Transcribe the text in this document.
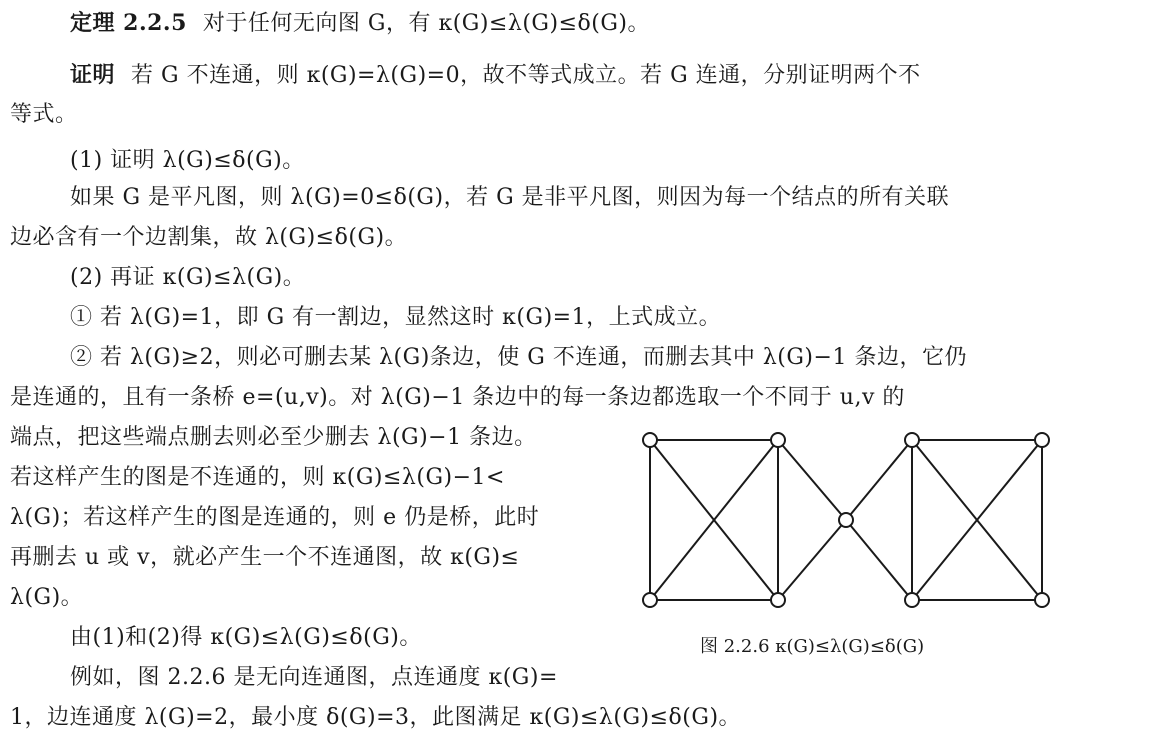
定理 2.2.5 对于任何无向图 G，有 κ(G)≤λ(G)≤δ(G)。
证明 若 G 不连通，则 κ(G)=λ(G)=0，故不等式成立。若 G 连通，分别证明两个不
等式。
(1) 证明 λ(G)≤δ(G)。
如果 G 是平凡图，则 λ(G)=0≤δ(G)，若 G 是非平凡图，则因为每一个结点的所有关联
边必含有一个边割集，故 λ(G)≤δ(G)。
(2) 再证 κ(G)≤λ(G)。
① 若 λ(G)=1，即 G 有一割边，显然这时 κ(G)=1，上式成立。
② 若 λ(G)≥2，则必可删去某 λ(G)条边，使 G 不连通，而删去其中 λ(G)−1 条边，它仍
是连通的，且有一条桥 e=(u,v)。对 λ(G)−1 条边中的每一条边都选取一个不同于 u,v 的
端点，把这些端点删去则必至少删去 λ(G)−1 条边。
若这样产生的图是不连通的，则 κ(G)≤λ(G)−1<
λ(G)；若这样产生的图是连通的，则 e 仍是桥，此时
再删去 u 或 v，就必产生一个不连通图，故 κ(G)≤
λ(G)。
由(1)和(2)得 κ(G)≤λ(G)≤δ(G)。
例如，图 2.2.6 是无向连通图，点连通度 κ(G)=
1，边连通度 λ(G)=2，最小度 δ(G)=3，此图满足 κ(G)≤λ(G)≤δ(G)。
图 2.2.6 κ(G)≤λ(G)≤δ(G)
